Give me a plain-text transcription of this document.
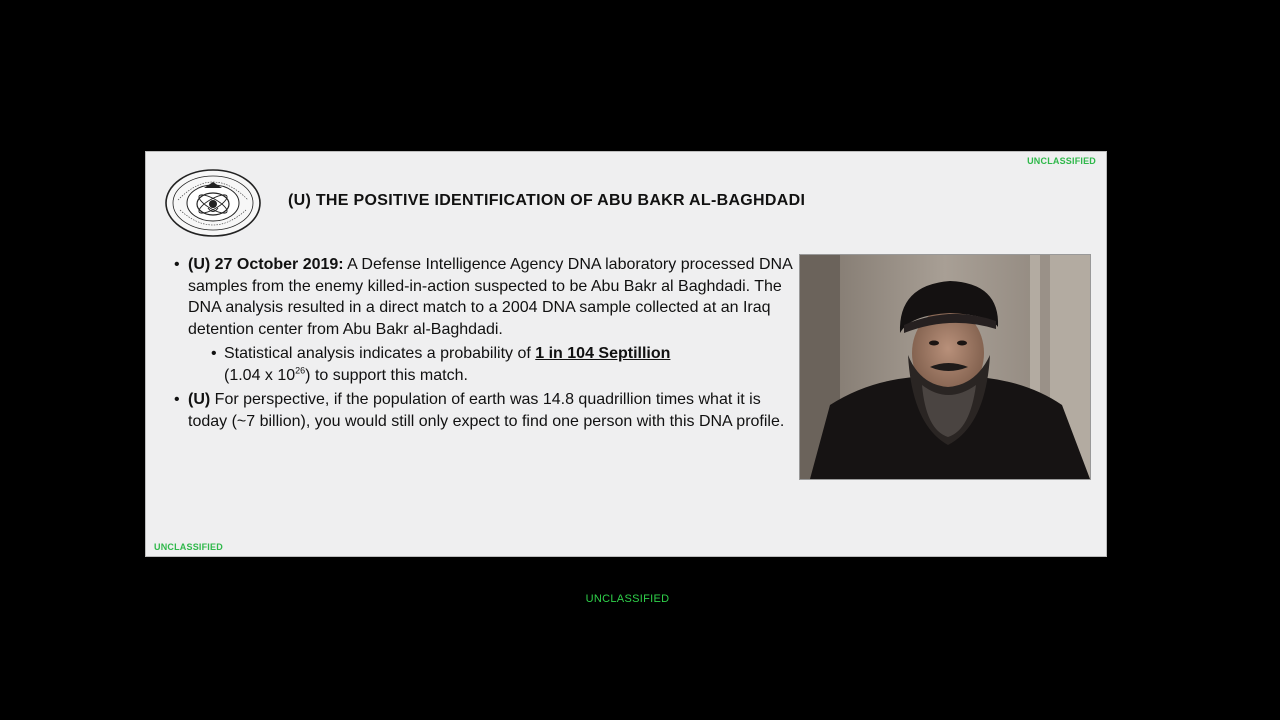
UNCLASSIFIED
(U) THE POSITIVE IDENTIFICATION OF ABU BAKR AL-BAGHDADI
• (U) 27 October 2019: A Defense Intelligence Agency DNA laboratory processed DNA samples from the enemy killed-in-action suspected to be Abu Bakr al Baghdadi. The DNA analysis resulted in a direct match to a 2004 DNA sample collected at an Iraq detention center from Abu Bakr al-Baghdadi.
• Statistical analysis indicates a probability of 1 in 104 Septillion
(1.04 x $10^{26}$) to support this match.
• (U) For perspective, if the population of earth was 14.8 quadrillion times what it is today (~7 billion), you would still only expect to find one person with this DNA profile.
UNCLASSIFIED
UNCLASSIFIED
